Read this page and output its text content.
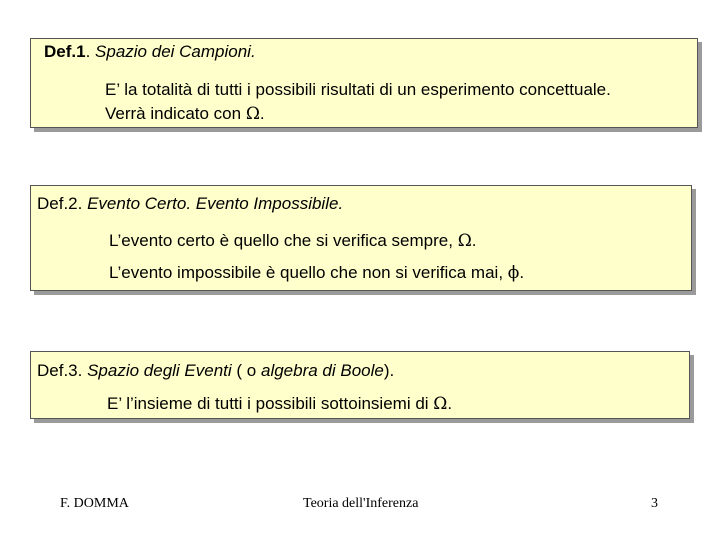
Def.1. Spazio dei Campioni.
E’ la totalità di tutti i possibili risultati di un esperimento concettuale.
Verrà indicato con Ω.
Def.2. Evento Certo. Evento Impossibile.
L’evento certo è quello che si verifica sempre, Ω.
L’evento impossibile è quello che non si verifica mai, ϕ.
Def.3. Spazio degli Eventi ( o algebra di Boole).
E’ l’insieme di tutti i possibili sottoinsiemi di Ω.
F. DOMMA	Teoria dell'Inferenza	3
